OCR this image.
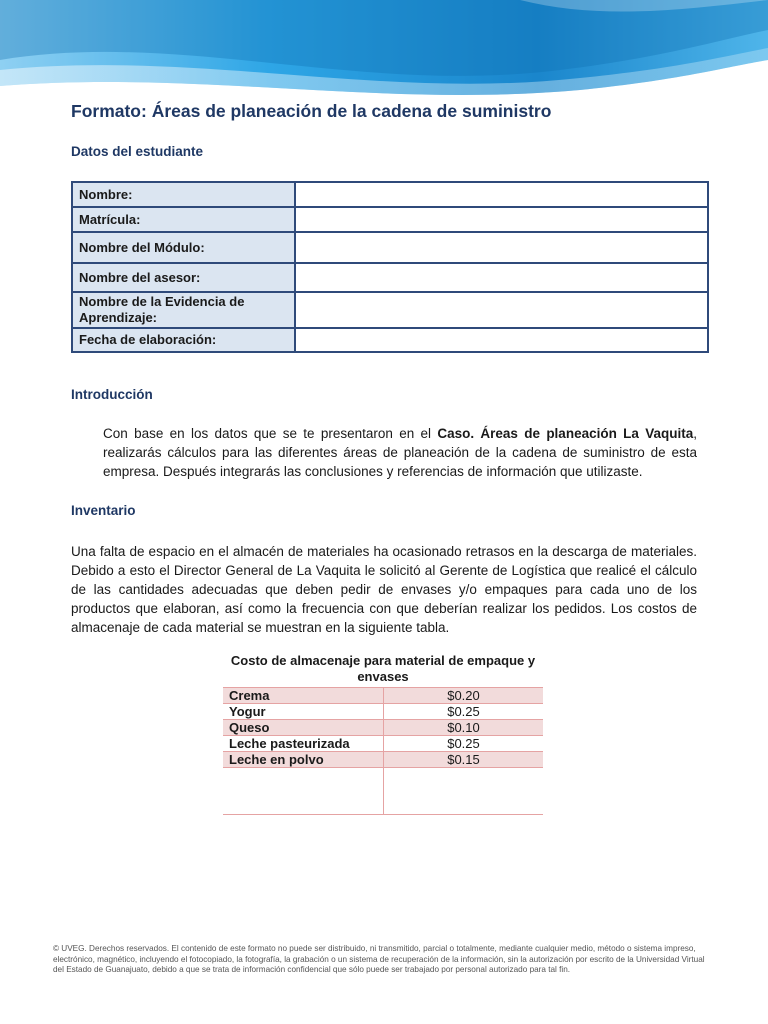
Formato: Áreas de planeación de la cadena de suministro
Datos del estudiante
Nombre:	
Matrícula:	
Nombre del Módulo:	
Nombre del asesor:	
Nombre de la Evidencia de Aprendizaje:	
Fecha de elaboración:	
Introducción

Con base en los datos que se te presentaron en el Caso. Áreas de planeación La Vaquita, realizarás cálculos para las diferentes áreas de planeación de la cadena de suministro de esta empresa. Después integrarás las conclusiones y referencias de información que utilizaste.

Inventario

Una falta de espacio en el almacén de materiales ha ocasionado retrasos en la descarga de materiales. Debido a esto el Director General de La Vaquita le solicitó al Gerente de Logística que realicé el cálculo de las cantidades adecuadas que deben pedir de envases y/o empaques para cada uno de los productos que elaboran, así como la frecuencia con que deberían realizar los pedidos. Los costos de almacenaje de cada material se muestran en la siguiente tabla.

Costo de almacenaje para material de empaque y envases

Crema	$0.20
Yogur	$0.25
Queso	$0.10
Leche pasteurizada	$0.25
Leche en polvo	$0.15

© UVEG. Derechos reservados. El contenido de este formato no puede ser distribuido, ni transmitido, parcial o totalmente, mediante cualquier medio, método o sistema impreso, electrónico, magnético, incluyendo el fotocopiado, la fotografía, la grabación o un sistema de recuperación de la información, sin la autorización por escrito de la Universidad Virtual del Estado de Guanajuato, debido a que se trata de información confidencial que sólo puede ser trabajado por personal autorizado para tal fin.
